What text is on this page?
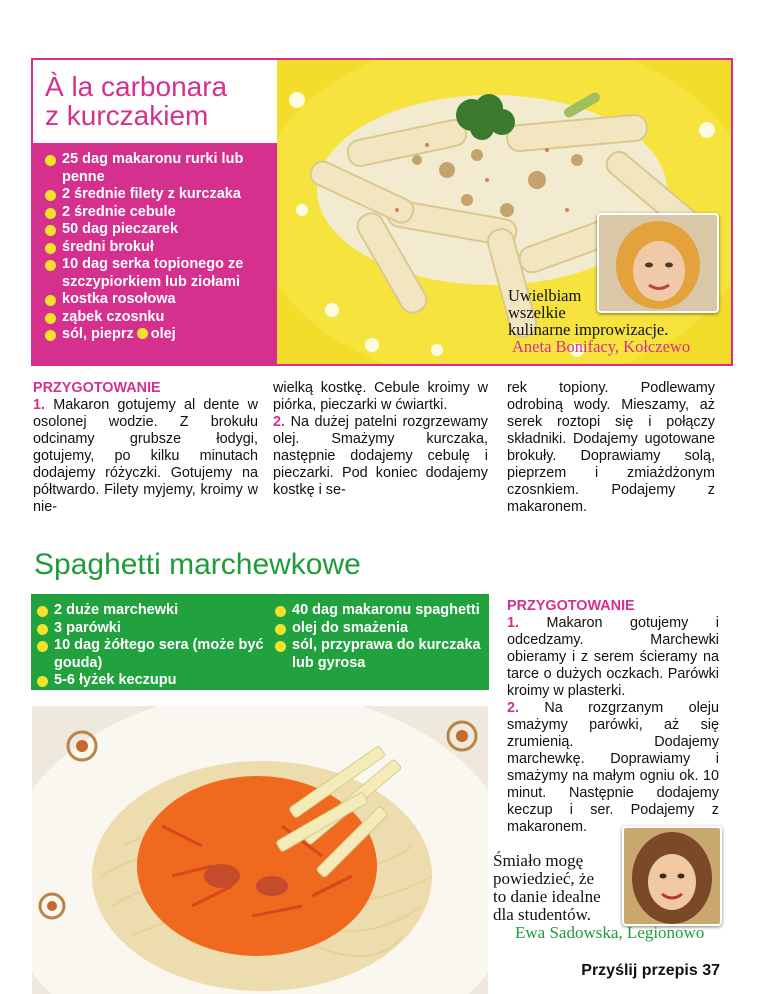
À la carbonara
z kurczakiem
25 dag makaronu rurki lub penne
2 średnie filety z kurczaka
2 średnie cebule
50 dag pieczarek
średni brokuł
10 dag serka topionego ze szczypiorkiem lub ziołami
kostka rosołowa
ząbek czosnku
sól, pieprz olej
Uwielbiam
wszelkie
kulinarne improwizacje.
Aneta Bonifacy, Kołczewo
PRZYGOTOWANIE
1. Makaron gotujemy al dente w osolonej wodzie. Z brokułu odcinamy grubsze łodygi, gotujemy, po kilku minutach dodajemy różyczki. Gotujemy na półtwardo. Filety myjemy, kroimy w nie-
wielką kostkę. Cebule kroimy w piórka, pieczarki w ćwiartki.
2. Na dużej patelni rozgrzewamy olej. Smażymy kurczaka, następnie dodajemy cebulę i pieczarki. Pod koniec dodajemy kostkę i se-
rek topiony. Podlewamy odrobiną wody. Mieszamy, aż serek roztopi się i połączy składniki. Dodajemy ugotowane brokuły. Doprawiamy solą, pieprzem i zmiażdżonym czosnkiem. Podajemy z makaronem.
Spaghetti marchewkowe
2 duże marchewki
3 parówki
10 dag żółtego sera (może być gouda)
5-6 łyżek keczupu
40 dag makaronu spaghetti
olej do smażenia
sól, przyprawa do kurczaka lub gyrosa
PRZYGOTOWANIE
1. Makaron gotujemy i odcedzamy. Marchewki obieramy i z serem ścieramy na tarce o dużych oczkach. Parówki kroimy w plasterki.
2. Na rozgrzanym oleju smażymy parówki, aż się zrumienią. Dodajemy marchewkę. Doprawiamy i smażymy na małym ogniu ok. 10 minut. Następnie dodajemy keczup i ser. Podajemy z makaronem.
Śmiało mogę
powiedzieć, że
to danie idealne
dla studentów.
Ewa Sadowska, Legionowo
Przyślij przepis 37
